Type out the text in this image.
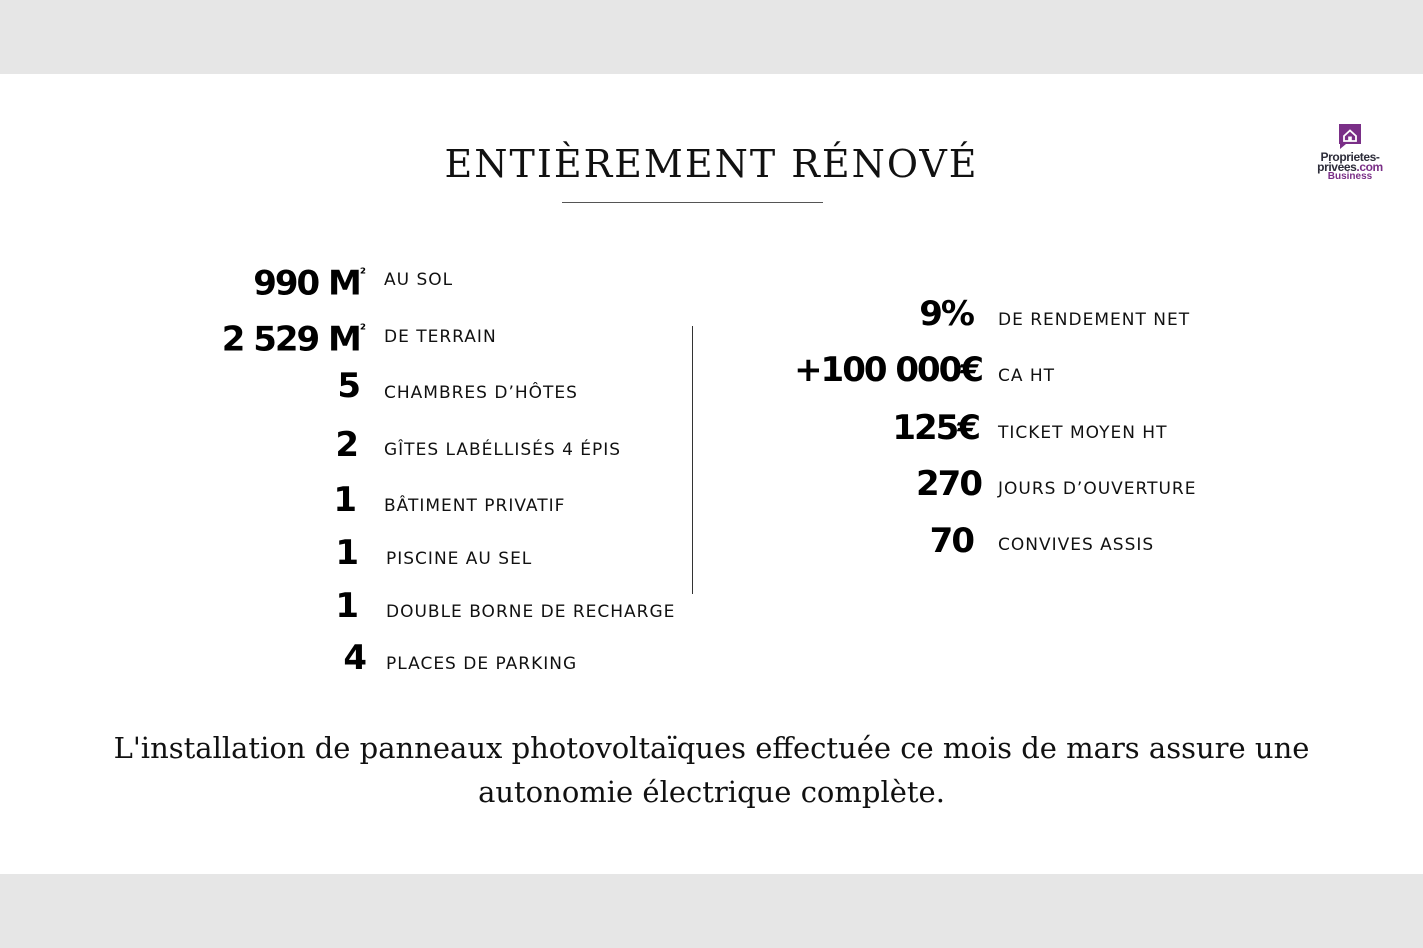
ENTIÈREMENT RÉNOVÉ	Proprietes-
privees.com
Business
990 $M^{^2}$ AU SOL
2 529 $M^{^2}$ DE TERRAIN
5 CHAMBRES D’HÔTES
2 GÎTES LABÉLLISÉS 4 ÉPIS
1 BÂTIMENT PRIVATIF
1 PISCINE AU SEL
1 DOUBLE BORNE DE RECHARGE
4 PLACES DE PARKING
9% DE RENDEMENT NET
+100 000€ CA HT
125€ TICKET MOYEN HT
270 JOURS D’OUVERTURE
70 CONVIVES ASSIS
L'installation de panneaux photovoltaïques effectuée ce mois de mars assure une autonomie électrique complète.
